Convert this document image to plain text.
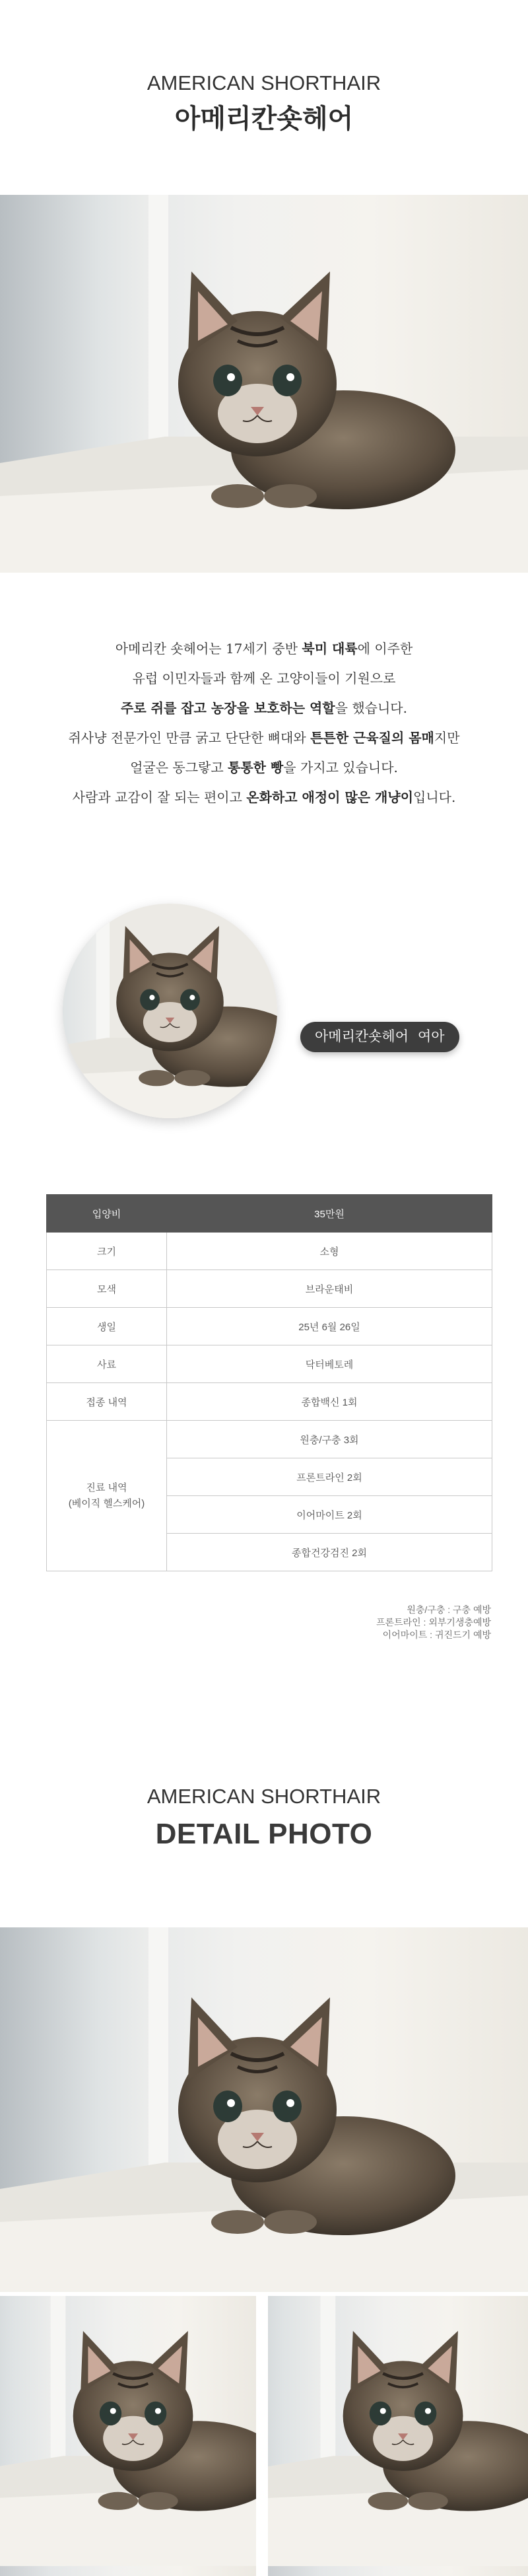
AMERICAN SHORTHAIR
아메리칸숏헤어
아메리칸 숏헤어는 17세기 중반 북미 대륙에 이주한
유럽 이민자들과 함께 온 고양이들이 기원으로
주로 쥐를 잡고 농장을 보호하는 역할을 했습니다.
쥐사냥 전문가인 만큼 굵고 단단한 뼈대와 튼튼한 근육질의 몸매지만
얼굴은 동그랗고 통통한 빵을 가지고 있습니다.
사람과 교감이 잘 되는 편이고 온화하고 애정이 많은 개냥이입니다.
아메리칸숏헤어 여아
입양비	35만원
크기	소형
모색	브라운태비
생일	25년 6월 26일
사료	닥터베토레
접종 내역	종합백신 1회

진료 내역
(베이직 헬스케어)	원충/구충 3회
	프론트라인 2회
	이어마이트 2회
	종합건강검진 2회
원충/구충 : 구충 예방
프론트라인 : 외부기생충예방
이어마이트 : 귀진드기 예방
AMERICAN SHORTHAIR
DETAIL PHOTO
